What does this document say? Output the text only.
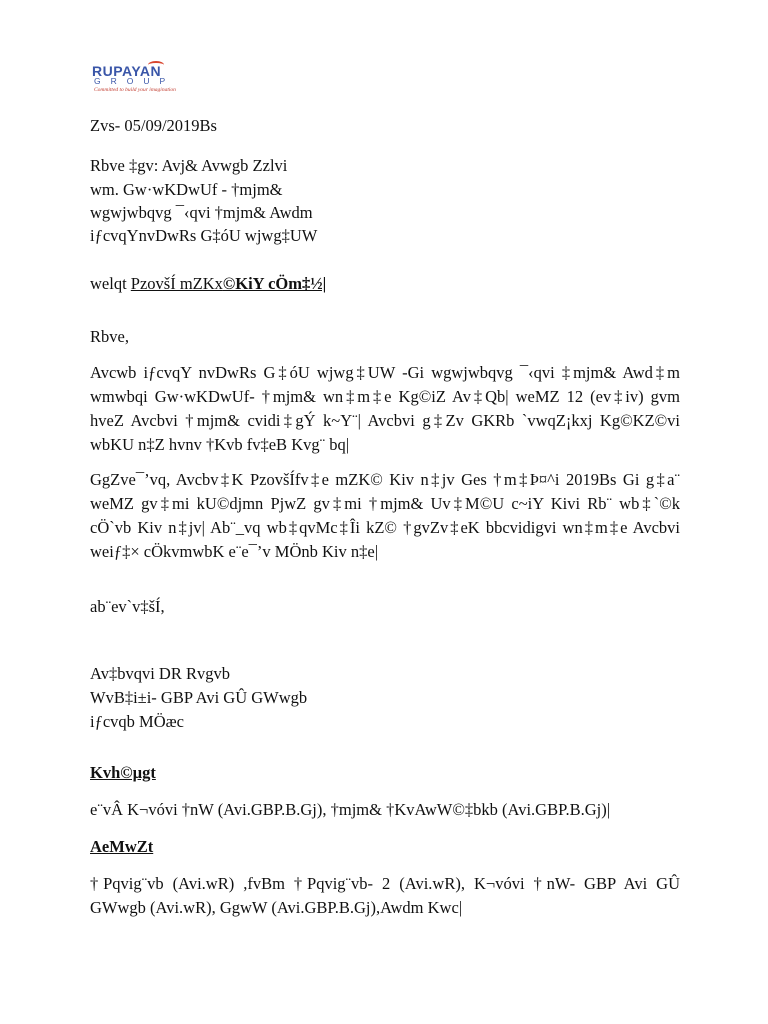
RUPAYAN
GROUP
Committed to build your imagination
Zvs- 05/09/2019Bs
Rbve ‡gv: Avj& Avwgb Zzlvi
wm. Gw·wKDwUf - †mjm&
wgwjwbqvg ¯‹qvi †mjm& Awdm
iƒcvqYnvDwRs G‡óU wjwg‡UW
welqt PzovšÍ mZKx©KiY cÖm‡½|
Rbve,
Avcwb iƒcvqY nvDwRs G‡óU wjwg‡UW -Gi wgwjwbqvg ¯‹qvi ‡mjm& Awd‡m
wmwbqi Gw·wKDwUf- †mjm& wn‡m‡e Kg©iZ Av‡Qb| weMZ 12 (ev‡iv) gvm
hveZ Avcbvi †mjm& cvidi‡gÝ k~Y¨| Avcbvi g‡Zv GKRb `vwqZ¡kxj Kg©KZ©vi
wbKU n‡Z hvnv †Kvb fv‡eB Kvg¨ bq|
GgZve¯’vq, Avcbv‡K PzovšÍfv‡e mZK© Kiv n‡jv Ges †m‡Þ¤^i 2019Bs Gi g‡a¨
weMZ gv‡mi kU©djmn PjwZ gv‡mi †mjm& Uv‡M©U c~iY Kivi Rb¨ wb‡`©k
cÖ`vb Kiv n‡jv| Ab¨_vq wb‡qvMc‡Îi kZ© †gvZv‡eK bbcvidigvi wn‡m‡e Avcbvi
weiƒ‡× cÖkvmwbK e¨e¯’v MÖnb Kiv n‡e|
ab¨ev`v‡šÍ,
Av‡bvqvi DR Rvgvb
WvB‡i±i- GBP Avi GÛ GWwgb
iƒcvqb MÖæc
Kvh©µgt
e¨vÂ K¬vóvi †nW (Avi.GBP.B.Gj), †mjm& †KvAwW©‡bkb (Avi.GBP.B.Gj)|
AeMwZt
†Pqvig¨vb (Avi.wR) ,fvBm †Pqvig¨vb- 2 (Avi.wR), K¬vóvi †nW- GBP Avi GÛ
GWwgb (Avi.wR), GgwW (Avi.GBP.B.Gj),Awdm Kwc|
